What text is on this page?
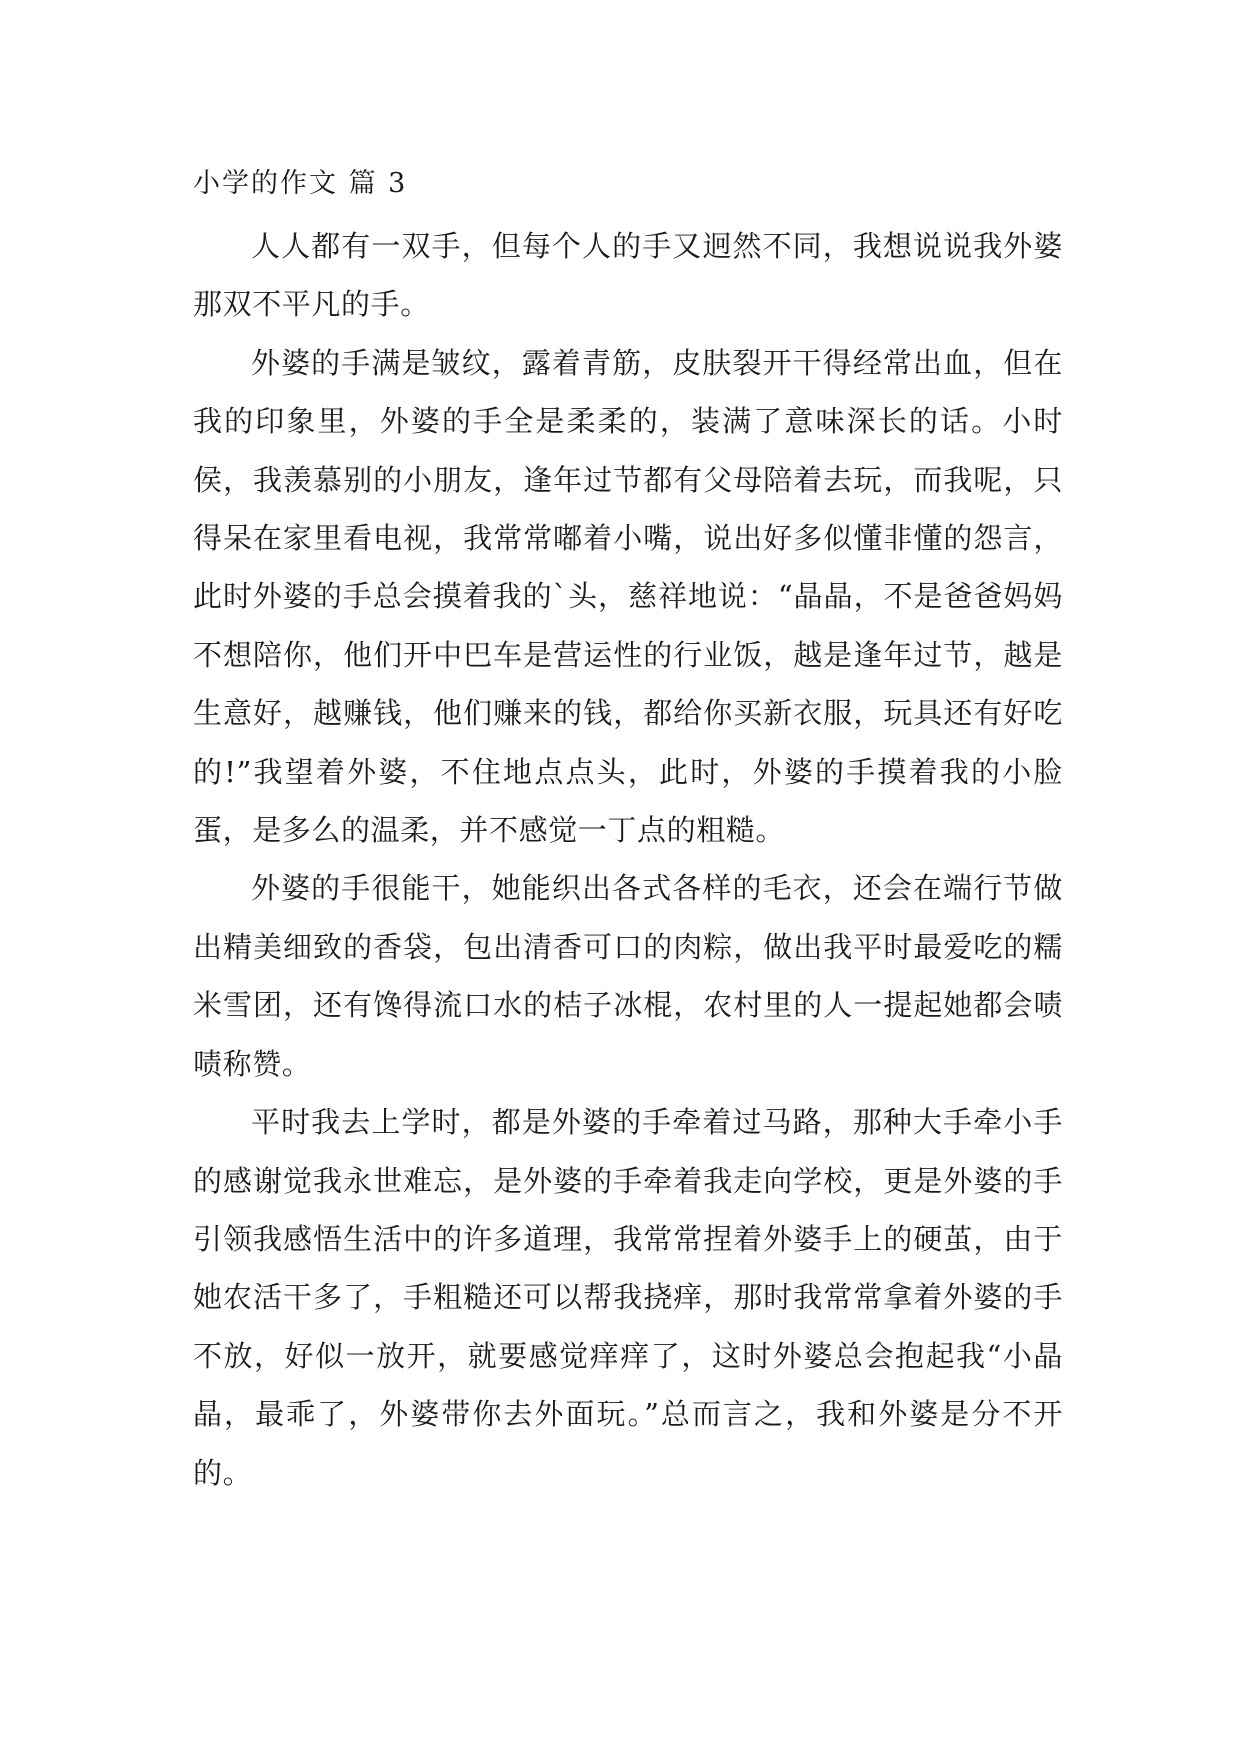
小学的作文 篇 3

人人都有一双手，但每个人的手又迥然不同，我想说说我外婆那双不平凡的手。

外婆的手满是皱纹，露着青筋，皮肤裂开干得经常出血，但在我的印象里，外婆的手全是柔柔的，装满了意味深长的话。小时侯，我羡慕别的小朋友，逢年过节都有父母陪着去玩，而我呢，只得呆在家里看电视，我常常嘟着小嘴，说出好多似懂非懂的怨言，此时外婆的手总会摸着我的`头，慈祥地说：“晶晶，不是爸爸妈妈不想陪你，他们开中巴车是营运性的行业饭，越是逢年过节，越是生意好，越赚钱，他们赚来的钱，都给你买新衣服，玩具还有好吃的!”我望着外婆，不住地点点头，此时，外婆的手摸着我的小脸蛋，是多么的温柔，并不感觉一丁点的粗糙。

外婆的手很能干，她能织出各式各样的毛衣，还会在端行节做出精美细致的香袋，包出清香可口的肉粽，做出我平时最爱吃的糯米雪团，还有馋得流口水的桔子冰棍，农村里的人一提起她都会啧啧称赞。

平时我去上学时，都是外婆的手牵着过马路，那种大手牵小手的感谢觉我永世难忘，是外婆的手牵着我走向学校，更是外婆的手引领我感悟生活中的许多道理，我常常捏着外婆手上的硬茧，由于她农活干多了，手粗糙还可以帮我挠痒，那时我常常拿着外婆的手不放，好似一放开，就要感觉痒痒了，这时外婆总会抱起我“小晶晶，最乖了，外婆带你去外面玩。”总而言之，我和外婆是分不开的。
